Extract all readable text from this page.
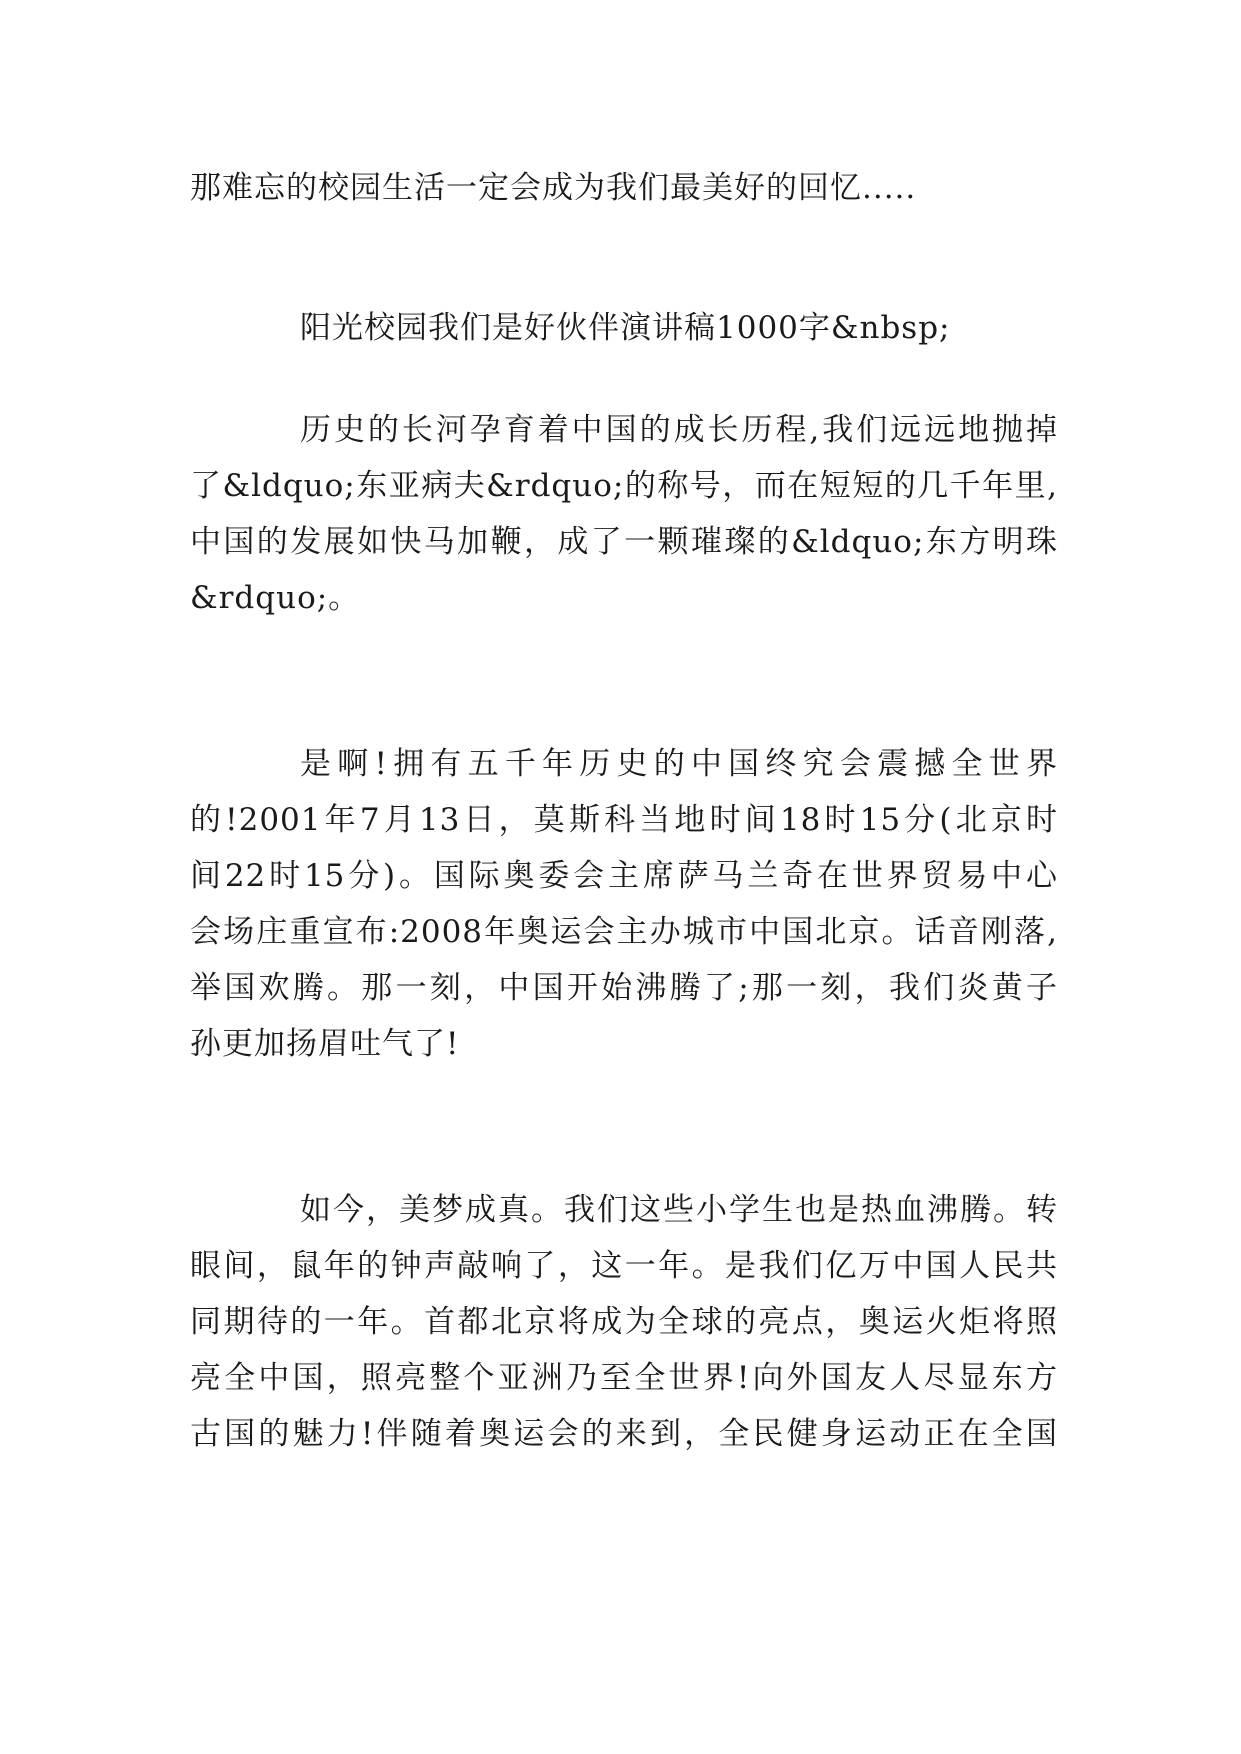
那难忘的校园生活一定会成为我们最美好的回忆.....
阳光校园我们是好伙伴演讲稿1000字&nbsp;
历史的长河孕育着中国的成长历程,我们远远地抛掉
了&ldquo;东亚病夫&rdquo;的称号，而在短短的几千年里,
中国的发展如快马加鞭，成了一颗璀璨的&ldquo;东方明珠
&rdquo;。
是啊!拥有五千年历史的中国终究会震撼全世界
的!2001年7月13日，莫斯科当地时间18时15分(北京时
间22时15分)。国际奥委会主席萨马兰奇在世界贸易中心
会场庄重宣布:2008年奥运会主办城市中国北京。话音刚落,
举国欢腾。那一刻，中国开始沸腾了;那一刻，我们炎黄子
孙更加扬眉吐气了!
如今，美梦成真。我们这些小学生也是热血沸腾。转
眼间，鼠年的钟声敲响了，这一年。是我们亿万中国人民共
同期待的一年。首都北京将成为全球的亮点，奥运火炬将照
亮全中国，照亮整个亚洲乃至全世界!向外国友人尽显东方
古国的魅力!伴随着奥运会的来到，全民健身运动正在全国
